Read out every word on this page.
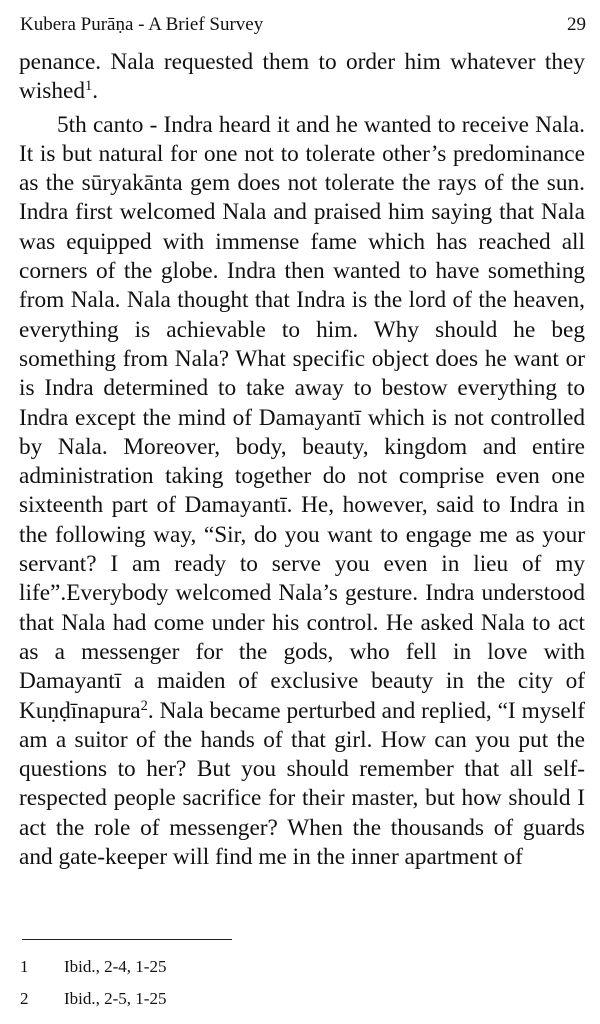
Kubera Purāṇa - A Brief Survey	29

penance. Nala requested them to order him whatever they wished$^1$.

5th canto - Indra heard it and he wanted to receive Nala. It is but natural for one not to tolerate other’s predominance as the sūryakānta gem does not tolerate the rays of the sun. Indra first welcomed Nala and praised him saying that Nala was equipped with immense fame which has reached all corners of the globe. Indra then wanted to have something from Nala. Nala thought that Indra is the lord of the heaven, everything is achievable to him. Why should he beg something from Nala? What specific object does he want or is Indra determined to take away to bestow everything to Indra except the mind of Damayantī which is not controlled by Nala. Moreover, body, beauty, kingdom and entire administration taking together do not comprise even one sixteenth part of Damayantī. He, however, said to Indra in the following way, “Sir, do you want to engage me as your servant? I am ready to serve you even in lieu of my life”.Everybody welcomed Nala’s gesture. Indra understood that Nala had come under his control. He asked Nala to act as a messenger for the gods, who fell in love with Damayantī a maiden of exclusive beauty in the city of Kuṇḍīnapura$^2$. Nala became perturbed and replied, “I myself am a suitor of the hands of that girl. How can you put the questions to her? But you should remember that all self-respected people sacrifice for their master, but how should I act the role of messenger? When the thousands of guards and gate-keeper will find me in the inner apartment of

1 Ibid., 2-4, 1-25
2 Ibid., 2-5, 1-25
